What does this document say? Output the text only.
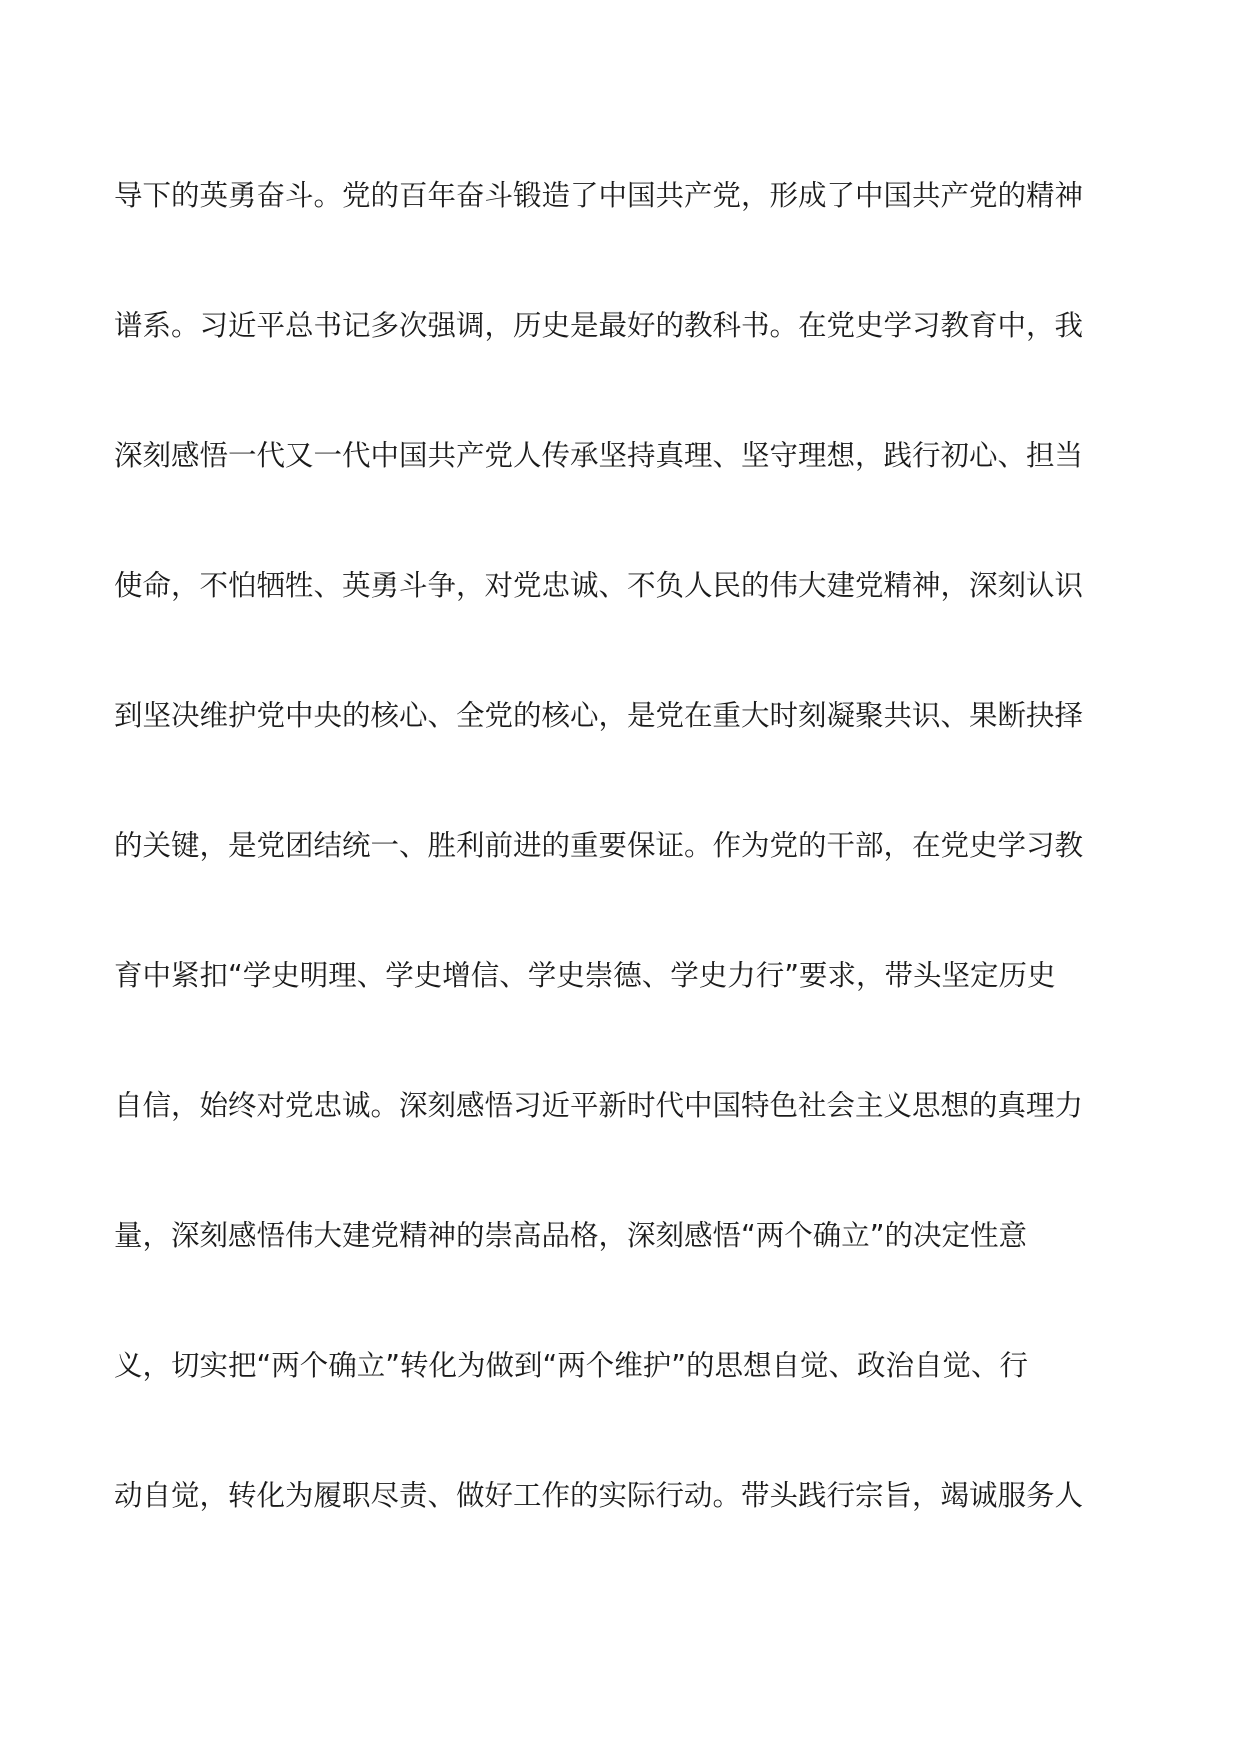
导下的英勇奋斗。党的百年奋斗锻造了中国共产党，形成了中国共产党的精神
谱系。习近平总书记多次强调，历史是最好的教科书。在党史学习教育中，我
深刻感悟一代又一代中国共产党人传承坚持真理、坚守理想，践行初心、担当
使命，不怕牺牲、英勇斗争，对党忠诚、不负人民的伟大建党精神，深刻认识
到坚决维护党中央的核心、全党的核心，是党在重大时刻凝聚共识、果断抉择
的关键，是党团结统一、胜利前进的重要保证。作为党的干部，在党史学习教
育中紧扣“学史明理、学史增信、学史崇德、学史力行”要求，带头坚定历史
自信，始终对党忠诚。深刻感悟习近平新时代中国特色社会主义思想的真理力
量，深刻感悟伟大建党精神的崇高品格，深刻感悟“两个确立”的决定性意
义，切实把“两个确立”转化为做到“两个维护”的思想自觉、政治自觉、行
动自觉，转化为履职尽责、做好工作的实际行动。带头践行宗旨，竭诚服务人
